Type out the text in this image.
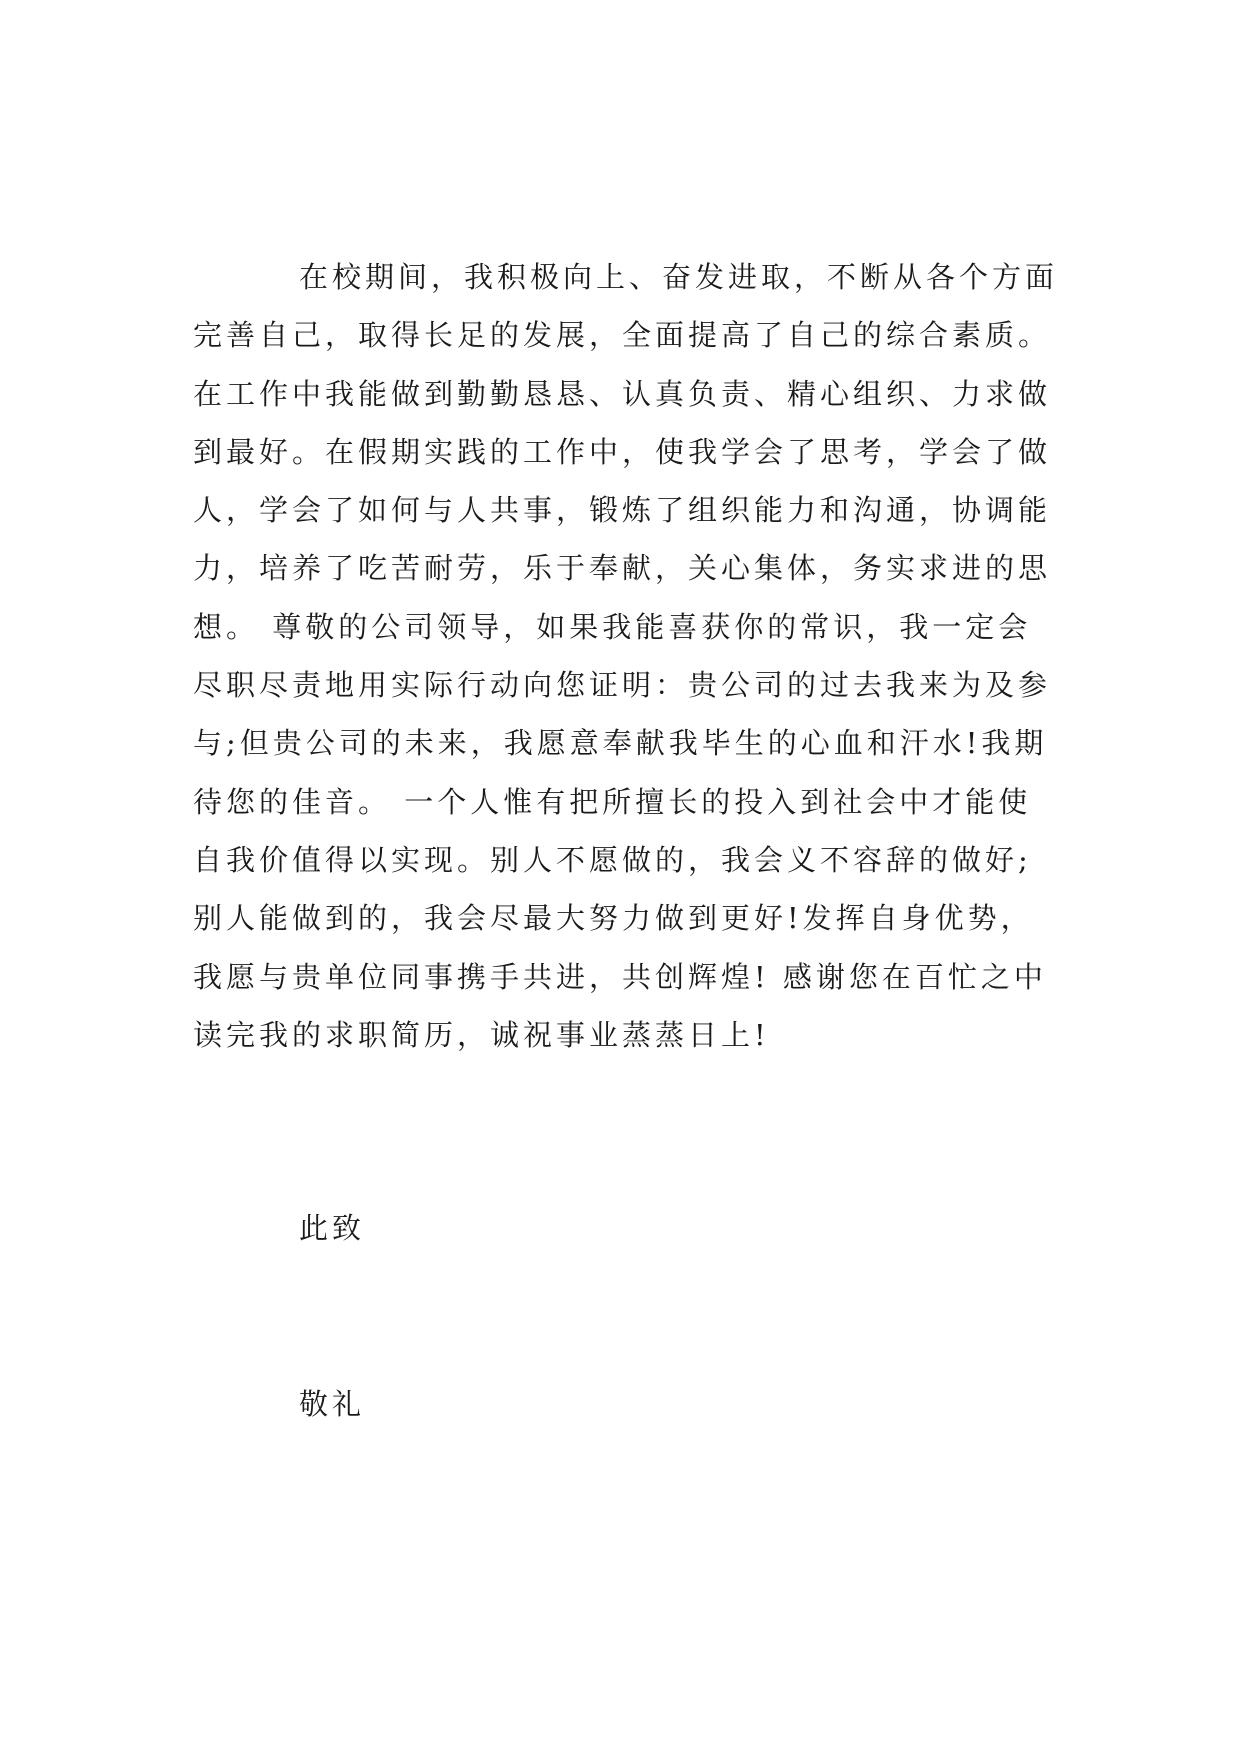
在校期间，我积极向上、奋发进取，不断从各个方面
完善自己，取得长足的发展，全面提高了自己的综合素质。
在工作中我能做到勤勤恳恳、认真负责、精心组织、力求做
到最好。在假期实践的工作中，使我学会了思考，学会了做
人，学会了如何与人共事，锻炼了组织能力和沟通，协调能
力，培养了吃苦耐劳，乐于奉献，关心集体，务实求进的思
想。 尊敬的公司领导，如果我能喜获你的常识，我一定会
尽职尽责地用实际行动向您证明：贵公司的过去我来为及参
与;但贵公司的未来，我愿意奉献我毕生的心血和汗水!我期
待您的佳音。 一个人惟有把所擅长的投入到社会中才能使
自我价值得以实现。别人不愿做的，我会义不容辞的做好;
别人能做到的，我会尽最大努力做到更好!发挥自身优势，
我愿与贵单位同事携手共进，共创辉煌! 感谢您在百忙之中
读完我的求职简历，诚祝事业蒸蒸日上!

此致

敬礼
